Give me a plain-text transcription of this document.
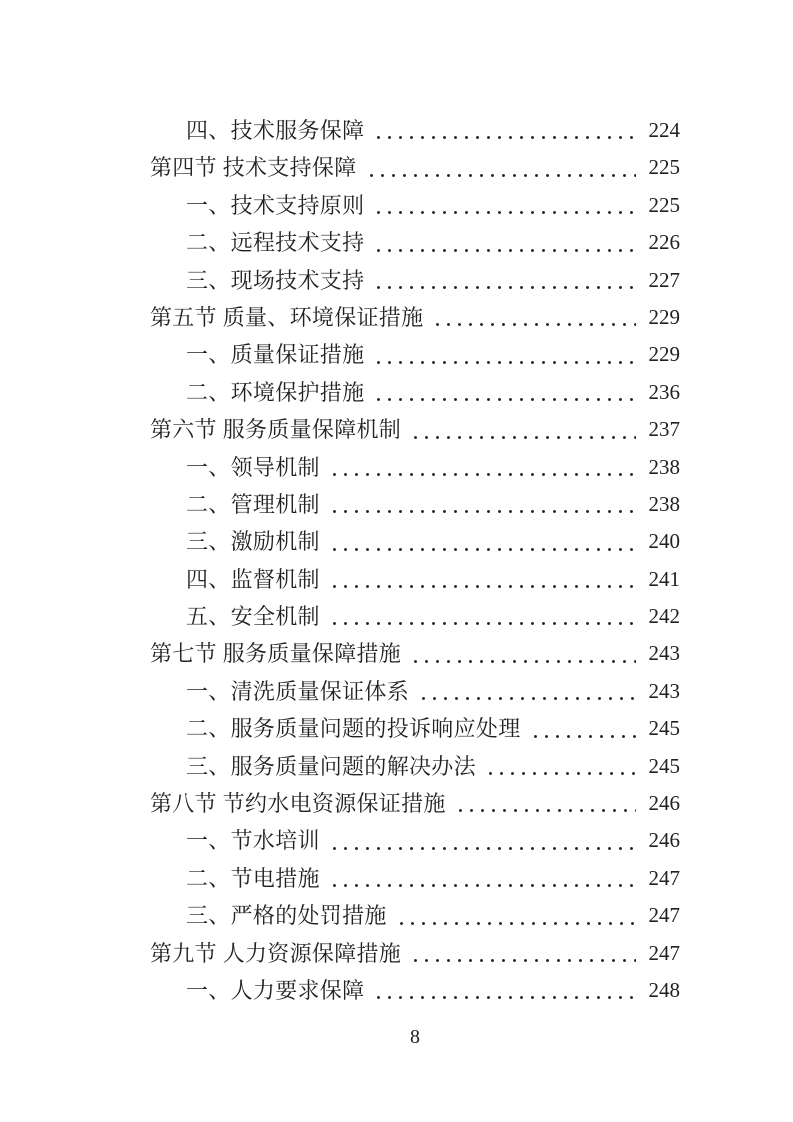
四、技术服务保障	224
第四节 技术支持保障	225
一、技术支持原则	225
二、远程技术支持	226
三、现场技术支持	227
第五节 质量、环境保证措施	229
一、质量保证措施	229
二、环境保护措施	236
第六节 服务质量保障机制	237
一、领导机制	238
二、管理机制	238
三、激励机制	240
四、监督机制	241
五、安全机制	242
第七节 服务质量保障措施	243
一、清洗质量保证体系	243
二、服务质量问题的投诉响应处理	245
三、服务质量问题的解决办法	245
第八节 节约水电资源保证措施	246
一、节水培训	246
二、节电措施	247
三、严格的处罚措施	247
第九节 人力资源保障措施	247
一、人力要求保障	248
8
